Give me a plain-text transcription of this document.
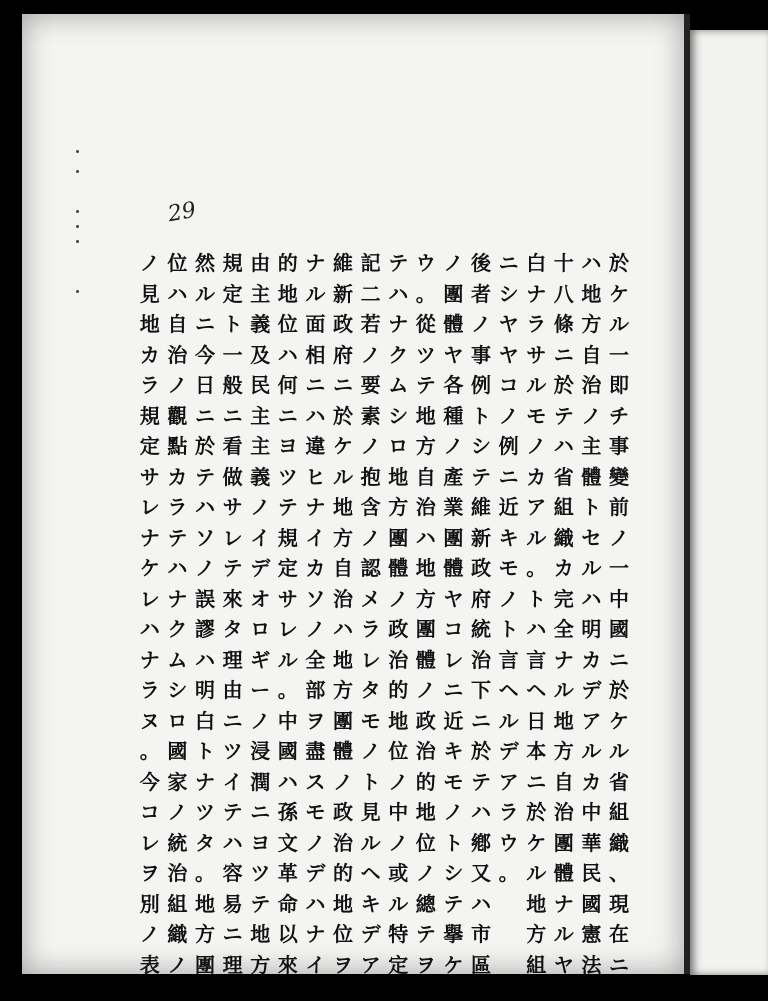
29
於
ケ
ル
一
即
チ
事
變
前
ノ
一
中
國
ニ
於
ケ
ル
省
組
織
、
現
在
ニ
ハ
地
方
自
治
ノ
主
體
ト
セ
ル
ハ
明
カ
デ
ア
ル
カ
中
華
民
國
憲
法
十
八
條
ニ
於
テ
ハ
省
組
織
カ
完
全
ナ
ル
地
方
自
治
團
體
ナ
ル
ヤ
白
ナ
ラ
サ
ル
モ
ノ
カ
ア
ル
。
ト
ハ
言
ヘ
日
本
ニ
於
ケ
ル
地
方
組
ニ
シ
ヤ
ヤ
コ
ノ
例
ニ
近
キ
モ
ノ
ト
言
ヘ
ル
デ
ア
ラ
ウ
。
後
者
ノ
事
例
ト
シ
テ
維
新
政
府
統
治
下
ニ
於
テ
ハ
鄕
又
ハ
市
區
ノ
團
體
ヤ
各
種
ノ
產
業
團
體
ヤ
コ
レ
ニ
近
キ
モ
ノ
ト
シ
テ
擧
ケ
ウ
。
從
ツ
テ
地
方
自
治
ハ
地
方
團
體
ノ
政
治
的
地
位
ノ
總
テ
ヲ
テ
ハ
ナ
ク
ム
シ
ロ
地
方
團
體
ノ
政
治
的
地
位
ノ
中
ノ
或
ル
特
定
記
二
若
ノ
要
素
ノ
抱
含
ノ
認
メ
ラ
レ
タ
モ
ノ
ト
見
ル
ヘ
キ
デ
ア
維
新
政
府
ニ
於
ケ
ル
地
方
自
治
ハ
地
方
團
體
ノ
政
治
的
地
位
ヲ
ナ
ル
面
相
ニ
ハ
違
ヒ
ナ
イ
カ
ソ
ノ
全
部
ヲ
盡
ス
モ
ノ
デ
ハ
ナ
イ
的
地
位
ハ
何
ニ
ヨ
ツ
テ
規
定
サ
レ
ル
。
中
國
ハ
孫
文
革
命
以
來
由
主
義
及
民
主
主
義
ノ
イ
デ
オ
ロ
ギ
ー
ノ
浸
潤
ニ
ヨ
ツ
テ
地
方
規
定
ト
一
般
ニ
看
做
サ
レ
テ
來
タ
理
由
ニ
ツ
イ
テ
ハ
容
易
ニ
理
然
ル
ニ
今
日
ニ
於
テ
ハ
ソ
ノ
誤
謬
ハ
明
白
ト
ナ
ツ
タ
。
地
方
團
位
ハ
自
治
ノ
觀
點
カ
ラ
テ
ハ
ナ
ク
ム
シ
ロ
國
家
ノ
統
治
組
織
ノ
ノ
見
地
カ
ラ
規
定
サ
レ
ナ
ケ
レ
ハ
ナ
ラ
ヌ
。
今
コ
レ
ヲ
別
ノ
表
